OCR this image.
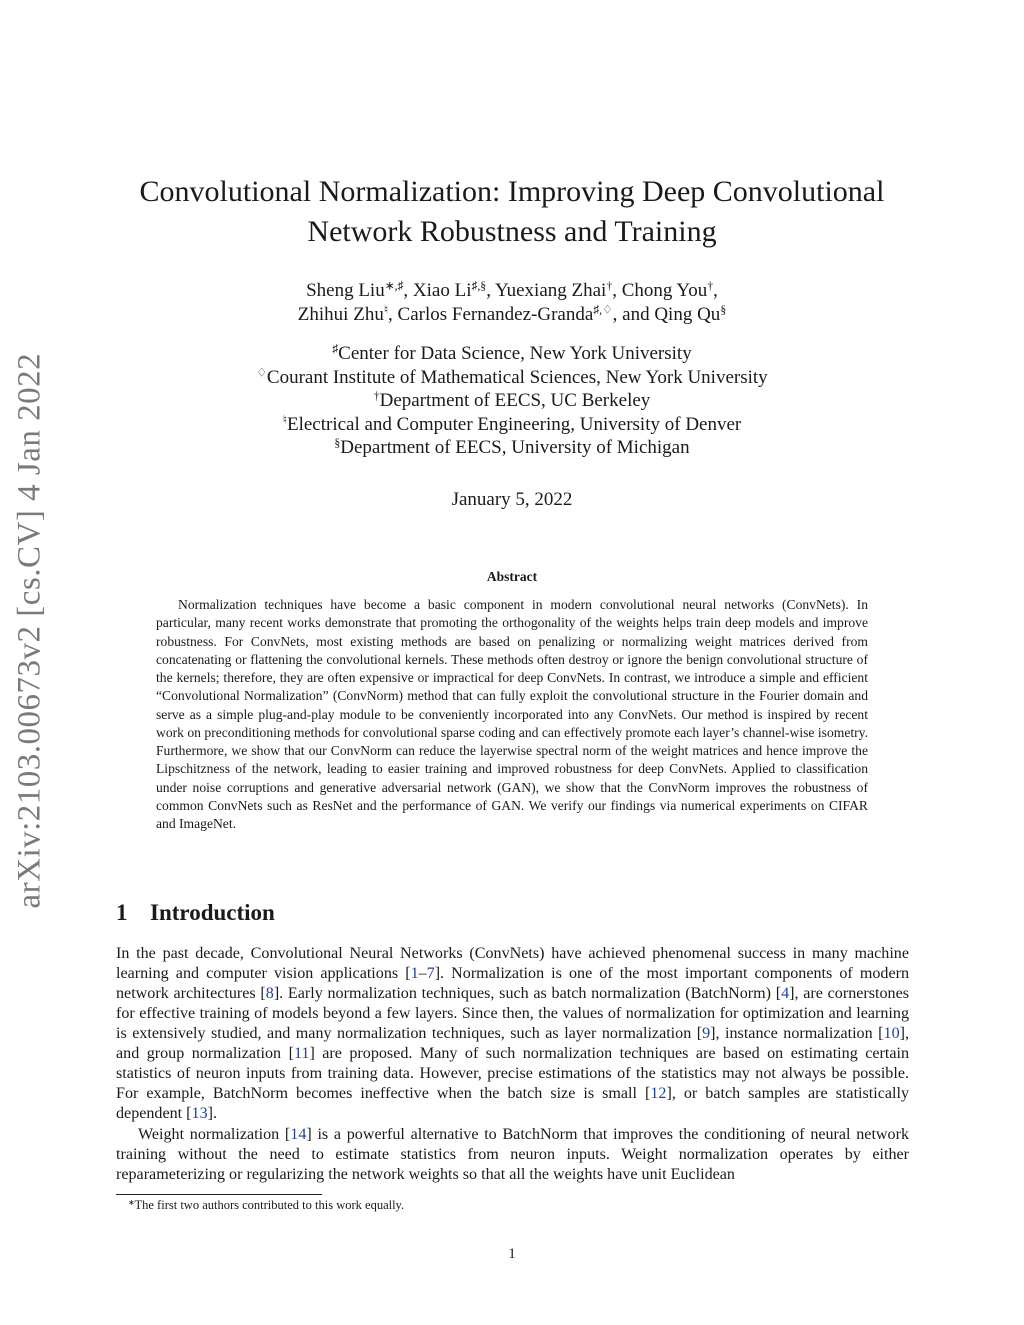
arXiv:2103.00673v2 [cs.CV] 4 Jan 2022
Convolutional Normalization: Improving Deep Convolutional
Network Robustness and Training
Sheng Liu∗,♯, Xiao Li♯,§, Yuexiang Zhai†, Chong You†,
Zhihui Zhu♮, Carlos Fernandez-Granda♯,♢, and Qing Qu§
♯Center for Data Science, New York University
♢Courant Institute of Mathematical Sciences, New York University
†Department of EECS, UC Berkeley
♮Electrical and Computer Engineering, University of Denver
§Department of EECS, University of Michigan
January 5, 2022
Abstract

Normalization techniques have become a basic component in modern convolutional neural networks (ConvNets). In particular, many recent works demonstrate that promoting the orthogonality of the weights helps train deep models and improve robustness. For ConvNets, most existing methods are based on penalizing or normalizing weight matrices derived from concatenating or flattening the convolutional kernels. These methods often destroy or ignore the benign convolutional structure of the kernels; therefore, they are often expensive or impractical for deep ConvNets. In contrast, we introduce a simple and efficient “Convolutional Normalization” (ConvNorm) method that can fully exploit the convolutional structure in the Fourier domain and serve as a simple plug-and-play module to be conveniently incorporated into any ConvNets. Our method is inspired by recent work on preconditioning methods for convolutional sparse coding and can effectively promote each layer’s channel-wise isometry. Furthermore, we show that our ConvNorm can reduce the layerwise spectral norm of the weight matrices and hence improve the Lipschitzness of the network, leading to easier training and improved robustness for deep ConvNets. Applied to classification under noise corruptions and generative adversarial network (GAN), we show that the ConvNorm improves the robustness of common ConvNets such as ResNet and the performance of GAN. We verify our findings via numerical experiments on CIFAR and ImageNet.

1 Introduction

In the past decade, Convolutional Neural Networks (ConvNets) have achieved phenomenal success in many machine learning and computer vision applications [1–7]. Normalization is one of the most important components of modern network architectures [8]. Early normalization techniques, such as batch normalization (BatchNorm) [4], are cornerstones for effective training of models beyond a few layers. Since then, the values of normalization for optimization and learning is extensively studied, and many normalization techniques, such as layer normalization [9], instance normalization [10], and group normalization [11] are proposed. Many of such normalization techniques are based on estimating certain statistics of neuron inputs from training data. However, precise estimations of the statistics may not always be possible. For example, BatchNorm becomes ineffective when the batch size is small [12], or batch samples are statistically dependent [13].

Weight normalization [14] is a powerful alternative to BatchNorm that improves the conditioning of neural network training without the need to estimate statistics from neuron inputs. Weight normalization operates by either reparameterizing or regularizing the network weights so that all the weights have unit Euclidean

∗The first two authors contributed to this work equally.
1
